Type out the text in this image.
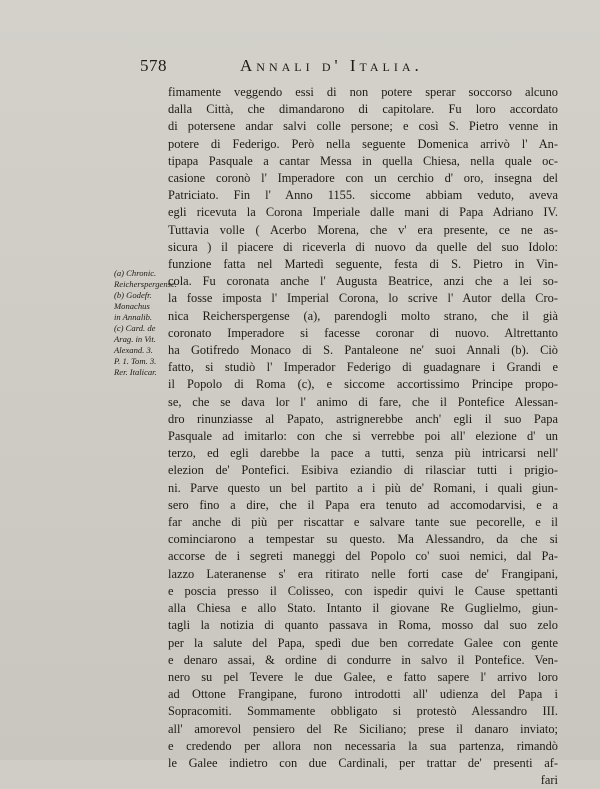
578	Annali d' Italia.
(a) Chronic.
Reicherspergense.
(b) Godefr.
Monachus
in Annalib.
(c) Card. de
Arag. in Vit.
Alexand. 3.
P. 1. Tom. 3.
Rer. Italicar.
fimamente veggendo essi di non potere sperar soccorso alcuno
dalla Città, che dimandarono di capitolare. Fu loro accordato
di potersene andar salvi colle persone; e così S. Pietro venne in
potere di Federigo. Però nella seguente Domenica arrivò l' An-
tipapa Pasquale a cantar Messa in quella Chiesa, nella quale oc-
casione coronò l' Imperadore con un cerchio d' oro, insegna del
Patriciato. Fin l' Anno 1155. siccome abbiam veduto, aveva
egli ricevuta la Corona Imperiale dalle mani di Papa Adriano IV.
Tuttavia volle ( Acerbo Morena, che v' era presente, ce ne as-
sicura ) il piacere di riceverla di nuovo da quelle del suo Idolo:
funzione fatta nel Martedì seguente, festa di S. Pietro in Vin-
cola. Fu coronata anche l' Augusta Beatrice, anzi che a lei so-
la fosse imposta l' Imperial Corona, lo scrive l' Autor della Cro-
nica Reicherspergense (a), parendogli molto strano, che il già
coronato Imperadore si facesse coronar di nuovo. Altrettanto
ha Gotifredo Monaco di S. Pantaleone ne' suoi Annali (b). Ciò
fatto, si studiò l' Imperador Federigo di guadagnare i Grandi e
il Popolo di Roma (c), e siccome accortissimo Principe propo-
se, che se dava lor l' animo di fare, che il Pontefice Alessan-
dro rinunziasse al Papato, astrignerebbe anch' egli il suo Papa
Pasquale ad imitarlo: con che si verrebbe poi all' elezione d' un
terzo, ed egli darebbe la pace a tutti, senza più intricarsi nell'
elezion de' Pontefici. Esibiva eziandio di rilasciar tutti i prigio-
ni. Parve questo un bel partito a i più de' Romani, i quali giun-
sero fino a dire, che il Papa era tenuto ad accomodarvisi, e a
far anche di più per riscattar e salvare tante sue pecorelle, e il
cominciarono a tempestar su questo. Ma Alessandro, da che si
accorse de i segreti maneggi del Popolo co' suoi nemici, dal Pa-
lazzo Lateranense s' era ritirato nelle forti case de' Frangipani,
e poscia presso il Colisseo, con ispedir quivi le Cause spettanti
alla Chiesa e allo Stato. Intanto il giovane Re Guglielmo, giun-
tagli la notizia di quanto passava in Roma, mosso dal suo zelo
per la salute del Papa, spedì due ben corredate Galee con gente
e denaro assai, & ordine di condurre in salvo il Pontefice. Ven-
nero su pel Tevere le due Galee, e fatto sapere l' arrivo loro
ad Ottone Frangipane, furono introdotti all' udienza del Papa i
Sopracomiti. Sommamente obbligato si protestò Alessandro III.
all' amorevol pensiero del Re Siciliano; prese il danaro inviato;
e credendo per allora non necessaria la sua partenza, rimandò
le Galee indietro con due Cardinali, per trattar de' presenti af-
fari
